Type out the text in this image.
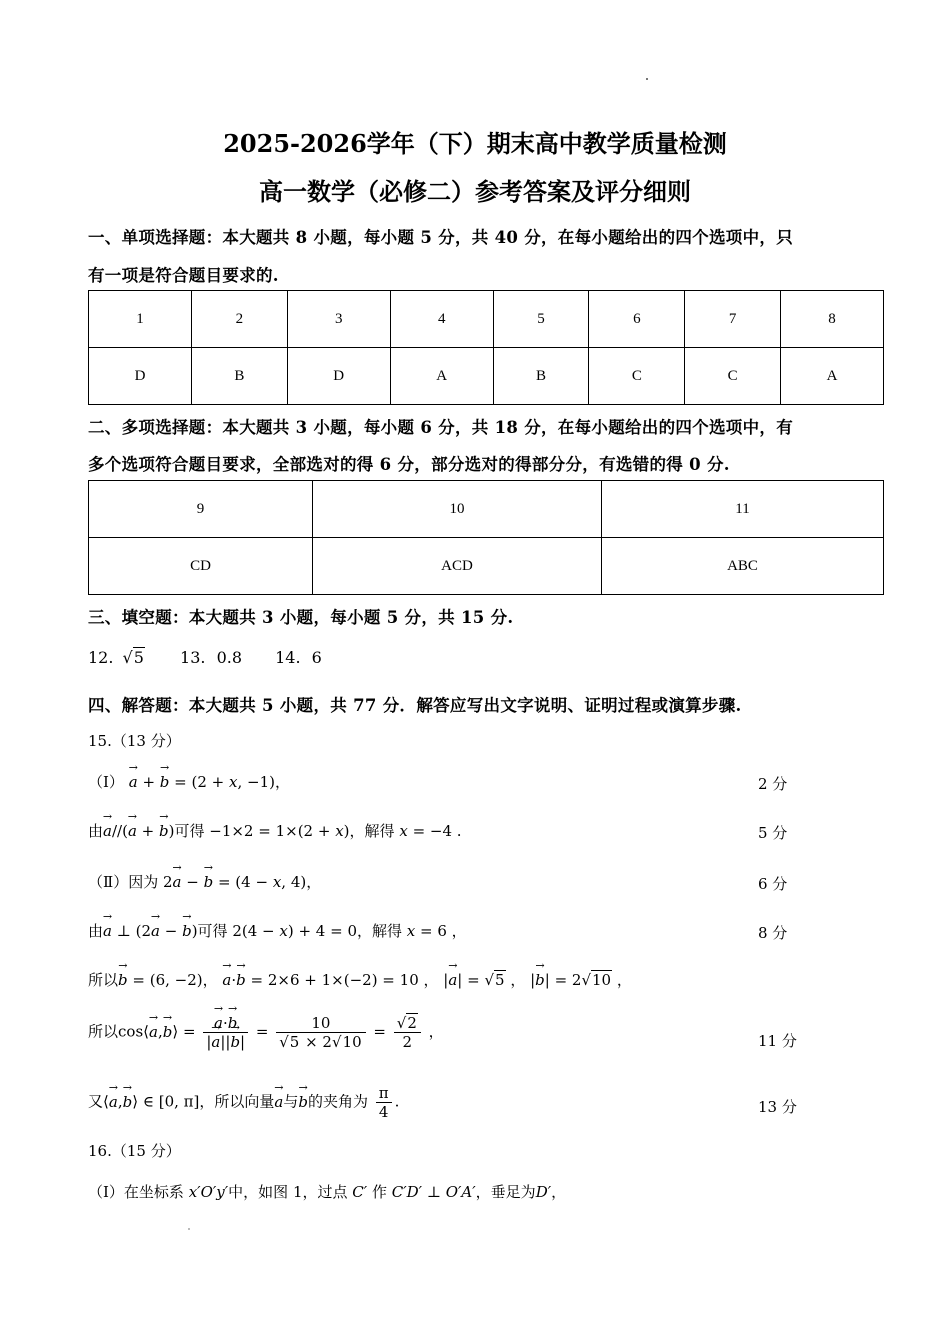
2025-2026学年（下）期末高中教学质量检测
高一数学（必修二）参考答案及评分细则
一、单项选择题：本大题共 8 小题，每小题 5 分，共 40 分，在每小题给出的四个选项中，只
有一项是符合题目要求的.
1	2	3	4	5	6	7	8
D	B	D	A	B	C	C	A
二、多项选择题：本大题共 3 小题，每小题 6 分，共 18 分，在每小题给出的四个选项中，有
多个选项符合题目要求，全部选对的得 6 分，部分选对的得部分分，有选错的得 0 分.
9	10	11
CD	ACD	ABC
三、填空题：本大题共 3 小题，每小题 5 分，共 15 分.
12. √5 13. 0.8 14. 6
四、解答题：本大题共 5 小题，共 77 分．解答应写出文字说明、证明过程或演算步骤.
15.（13 分）
（Ⅰ） → a + → b = (2 + x, −1)，	2 分
由→ a//(→ a + → b)可得 −1×2 = 1×(2 + x)，解得 x = −4 .	5 分
（Ⅱ）因为 2→ a − → b = (4 − x, 4)，	6 分
由→ a ⊥ (2→ a − → b)可得 2(4 − x) + 4 = 0，解得 x = 6 ，	8 分
所以→ b = (6, −2)， → a·→ b = 2×6 + 1×(−2) = 10 ， |→ a| = √5 ， |→ b| = 2√10 ，
所以cos⟨→ a,→ b⟩ = → $\frac{a\cdot\to b}{|\to a||\to b|} = \frac{10}{√5 \times 2√10} = \frac{√2}{2}$ ，
11 分
又⟨→ a,→ b⟩ ∈ [0, π]，所以向量→ a与→ b的夹角为 $\frac{\pi}{4}$ .	13 分
16.（15 分）
（Ⅰ）在坐标系 x′O′y′中，如图 1，过点 C′ 作 C′D′ ⊥ O′A′，垂足为D′，
